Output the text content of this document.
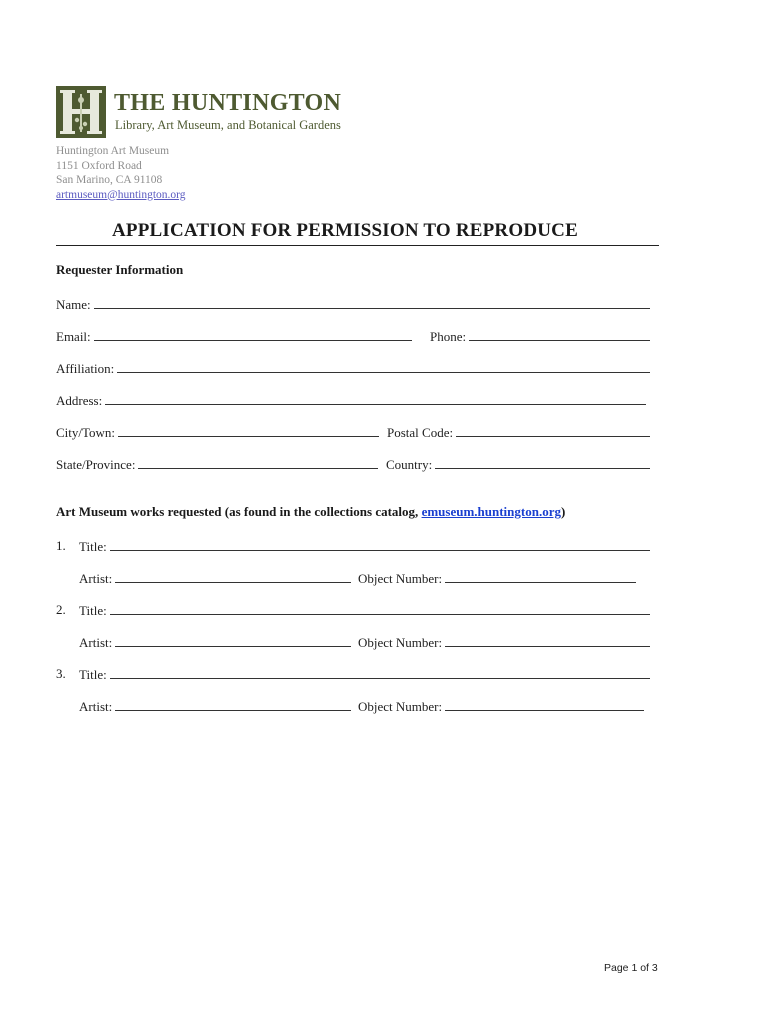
THE HUNTINGTON
Library, Art Museum, and Botanical Gardens
Huntington Art Museum
1151 Oxford Road
San Marino, CA 91108
artmuseum@huntington.org
APPLICATION FOR PERMISSION TO REPRODUCE
Requester Information
Name:
Email:	Phone:
Affiliation:
Address:
City/Town:	Postal Code:
State/Province:	Country:
Art Museum works requested (as found in the collections catalog, emuseum.huntington.org)
1. Title:
Artist:	Object Number:
2. Title:
Artist:	Object Number:
3. Title:
Artist:	Object Number:
Page 1 of 3
